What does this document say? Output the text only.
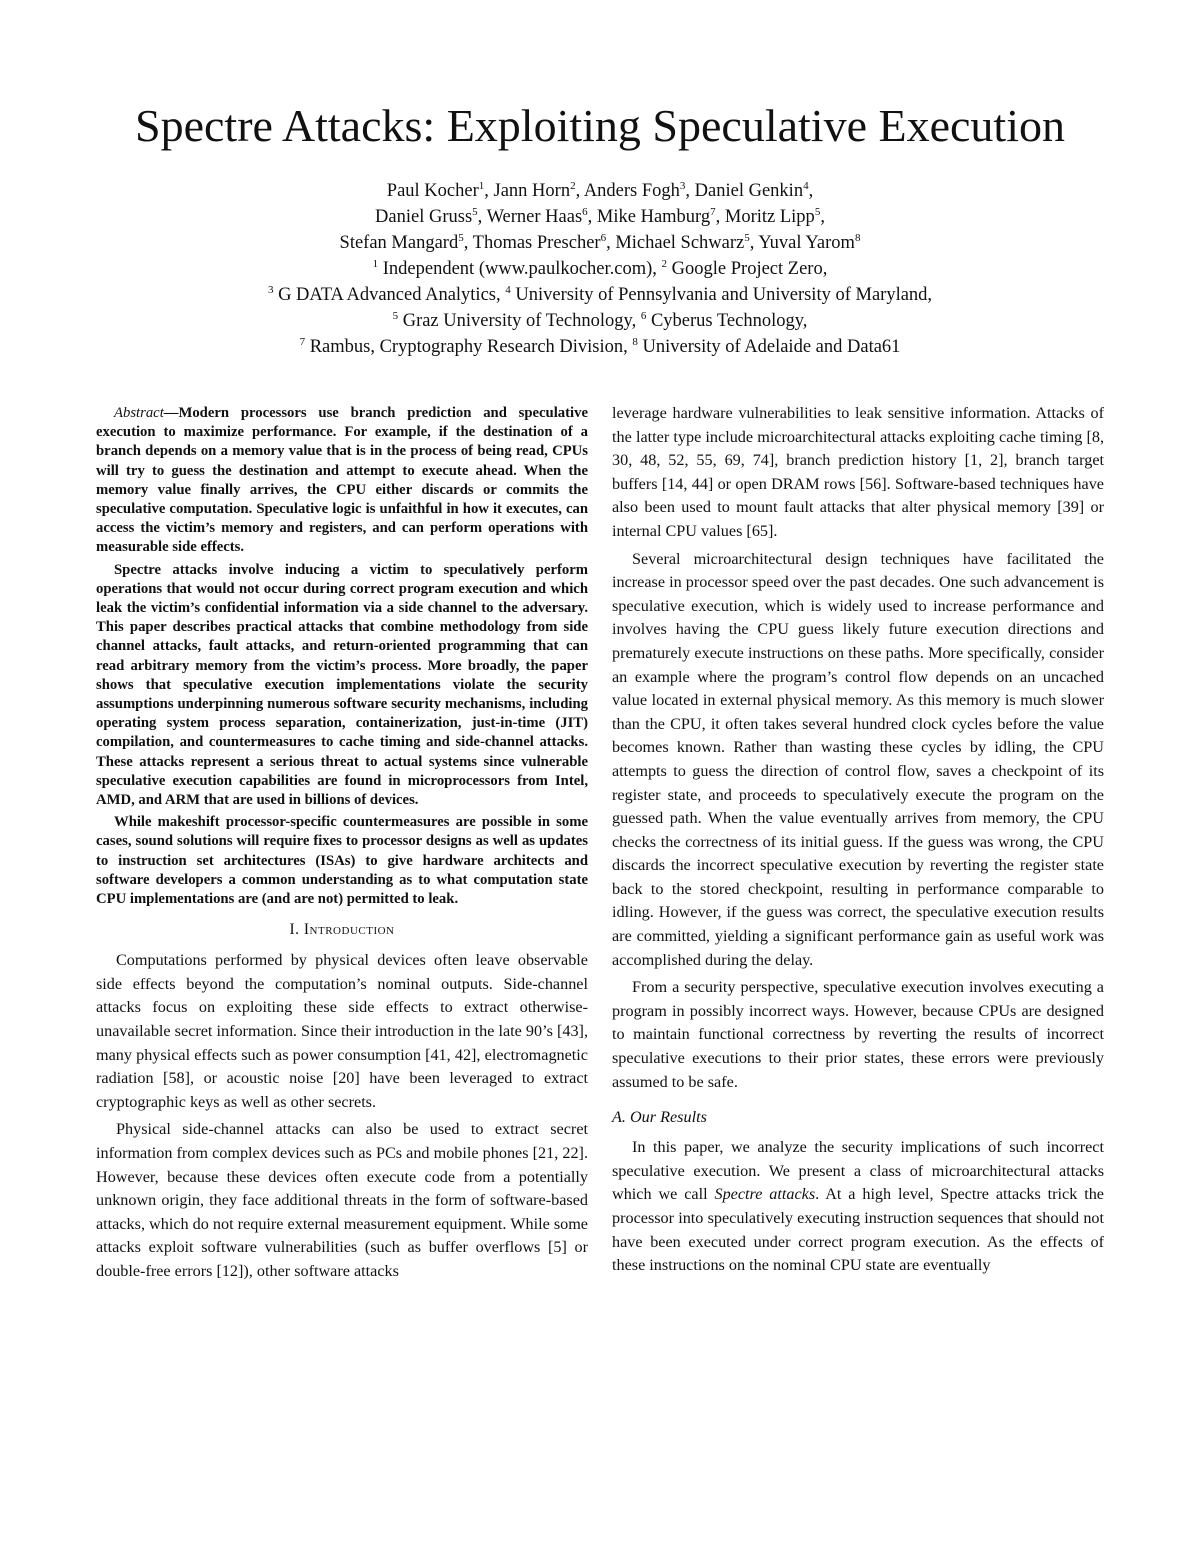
Spectre Attacks: Exploiting Speculative Execution
Paul Kocher$^1$, Jann Horn$^2$, Anders Fogh$^3$, Daniel Genkin$^4$,
Daniel Gruss$^5$, Werner Haas$^6$, Mike Hamburg$^7$, Moritz Lipp$^5$,
Stefan Mangard$^5$, Thomas Prescher$^6$, Michael Schwarz$^5$, Yuval Yarom$^8$
$^1$ Independent (www.paulkocher.com), $^2$ Google Project Zero,
$^3$ G DATA Advanced Analytics, $^4$ University of Pennsylvania and University of Maryland,
$^5$ Graz University of Technology, $^6$ Cyberus Technology,
$^7$ Rambus, Cryptography Research Division, $^8$ University of Adelaide and Data61

Abstract—Modern processors use branch prediction and speculative execution to maximize performance. For example, if the destination of a branch depends on a memory value that is in the process of being read, CPUs will try to guess the destination and attempt to execute ahead. When the memory value finally arrives, the CPU either discards or commits the speculative computation. Speculative logic is unfaithful in how it executes, can access the victim’s memory and registers, and can perform operations with measurable side effects.

Spectre attacks involve inducing a victim to speculatively perform operations that would not occur during correct program execution and which leak the victim’s confidential information via a side channel to the adversary. This paper describes practical attacks that combine methodology from side channel attacks, fault attacks, and return-oriented programming that can read arbitrary memory from the victim’s process. More broadly, the paper shows that speculative execution implementations violate the security assumptions underpinning numerous software security mechanisms, including operating system process separation, containerization, just-in-time (JIT) compilation, and countermeasures to cache timing and side-channel attacks. These attacks represent a serious threat to actual systems since vulnerable speculative execution capabilities are found in microprocessors from Intel, AMD, and ARM that are used in billions of devices.

While makeshift processor-specific countermeasures are possible in some cases, sound solutions will require fixes to processor designs as well as updates to instruction set architectures (ISAs) to give hardware architects and software developers a common understanding as to what computation state CPU implementations are (and are not) permitted to leak.

I. Introduction

Computations performed by physical devices often leave observable side effects beyond the computation’s nominal outputs. Side-channel attacks focus on exploiting these side effects to extract otherwise-unavailable secret information. Since their introduction in the late 90’s [43], many physical effects such as power consumption [41, 42], electromagnetic radiation [58], or acoustic noise [20] have been leveraged to extract cryptographic keys as well as other secrets.

Physical side-channel attacks can also be used to extract secret information from complex devices such as PCs and mobile phones [21, 22]. However, because these devices often execute code from a potentially unknown origin, they face additional threats in the form of software-based attacks, which do not require external measurement equipment. While some attacks exploit software vulnerabilities (such as buffer overflows [5] or double-free errors [12]), other software attacks

leverage hardware vulnerabilities to leak sensitive information. Attacks of the latter type include microarchitectural attacks exploiting cache timing [8, 30, 48, 52, 55, 69, 74], branch prediction history [1, 2], branch target buffers [14, 44] or open DRAM rows [56]. Software-based techniques have also been used to mount fault attacks that alter physical memory [39] or internal CPU values [65].

Several microarchitectural design techniques have facilitated the increase in processor speed over the past decades. One such advancement is speculative execution, which is widely used to increase performance and involves having the CPU guess likely future execution directions and prematurely execute instructions on these paths. More specifically, consider an example where the program’s control flow depends on an uncached value located in external physical memory. As this memory is much slower than the CPU, it often takes several hundred clock cycles before the value becomes known. Rather than wasting these cycles by idling, the CPU attempts to guess the direction of control flow, saves a checkpoint of its register state, and proceeds to speculatively execute the program on the guessed path. When the value eventually arrives from memory, the CPU checks the correctness of its initial guess. If the guess was wrong, the CPU discards the incorrect speculative execution by reverting the register state back to the stored checkpoint, resulting in performance comparable to idling. However, if the guess was correct, the speculative execution results are committed, yielding a significant performance gain as useful work was accomplished during the delay.

From a security perspective, speculative execution involves executing a program in possibly incorrect ways. However, because CPUs are designed to maintain functional correctness by reverting the results of incorrect speculative executions to their prior states, these errors were previously assumed to be safe.

A. Our Results

In this paper, we analyze the security implications of such incorrect speculative execution. We present a class of microarchitectural attacks which we call Spectre attacks. At a high level, Spectre attacks trick the processor into speculatively executing instruction sequences that should not have been executed under correct program execution. As the effects of these instructions on the nominal CPU state are eventually
